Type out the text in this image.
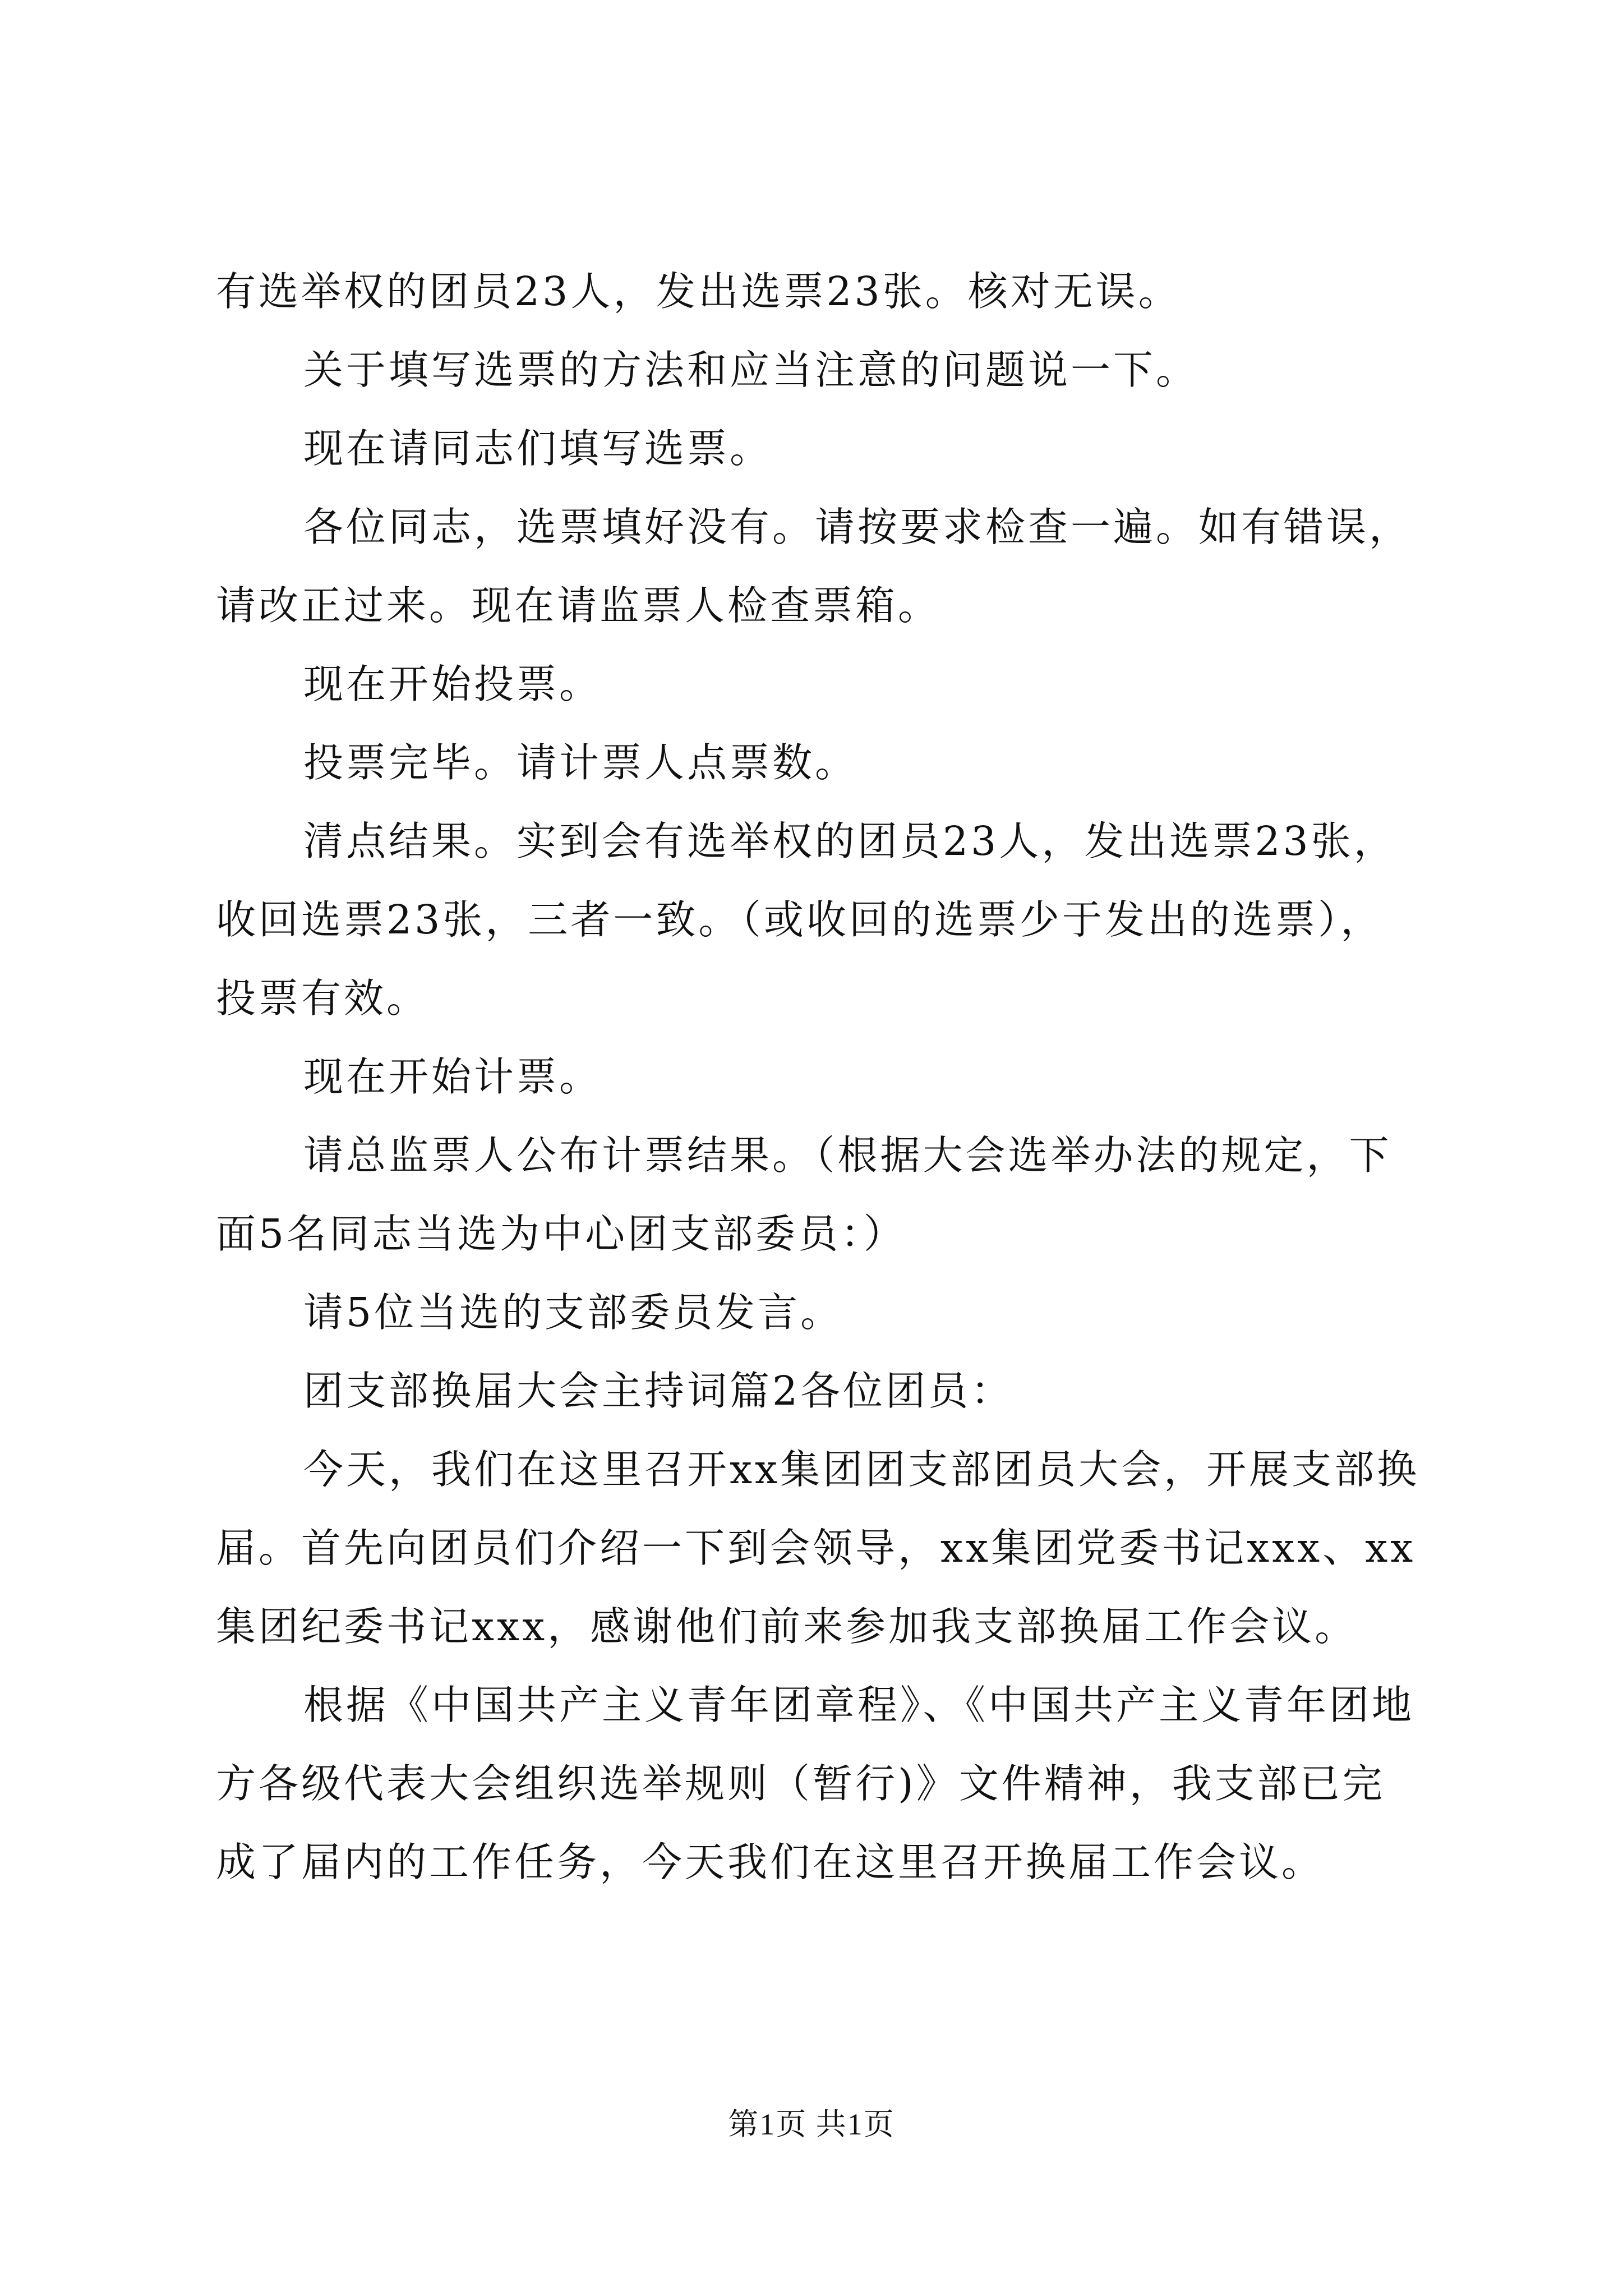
有选举权的团员23人，发出选票23张。核对无误。

关于填写选票的方法和应当注意的问题说一下。

现在请同志们填写选票。

各位同志，选票填好没有。请按要求检查一遍。如有错误，请改正过来。现在请监票人检查票箱。

现在开始投票。

投票完毕。请计票人点票数。

清点结果。实到会有选举权的团员23人，发出选票23张，收回选票23张，三者一致。（或收回的选票少于发出的选票），投票有效。

现在开始计票。

请总监票人公布计票结果。（根据大会选举办法的规定，下面5名同志当选为中心团支部委员：）

请5位当选的支部委员发言。

团支部换届大会主持词篇2各位团员：

今天，我们在这里召开xx集团团支部团员大会，开展支部换届。首先向团员们介绍一下到会领导，xx集团党委书记xxx、xx集团纪委书记xxx，感谢他们前来参加我支部换届工作会议。

根据《中国共产主义青年团章程》、《中国共产主义青年团地方各级代表大会组织选举规则（暂行)》文件精神，我支部已完成了届内的工作任务，今天我们在这里召开换届工作会议。

第1页 共1页
